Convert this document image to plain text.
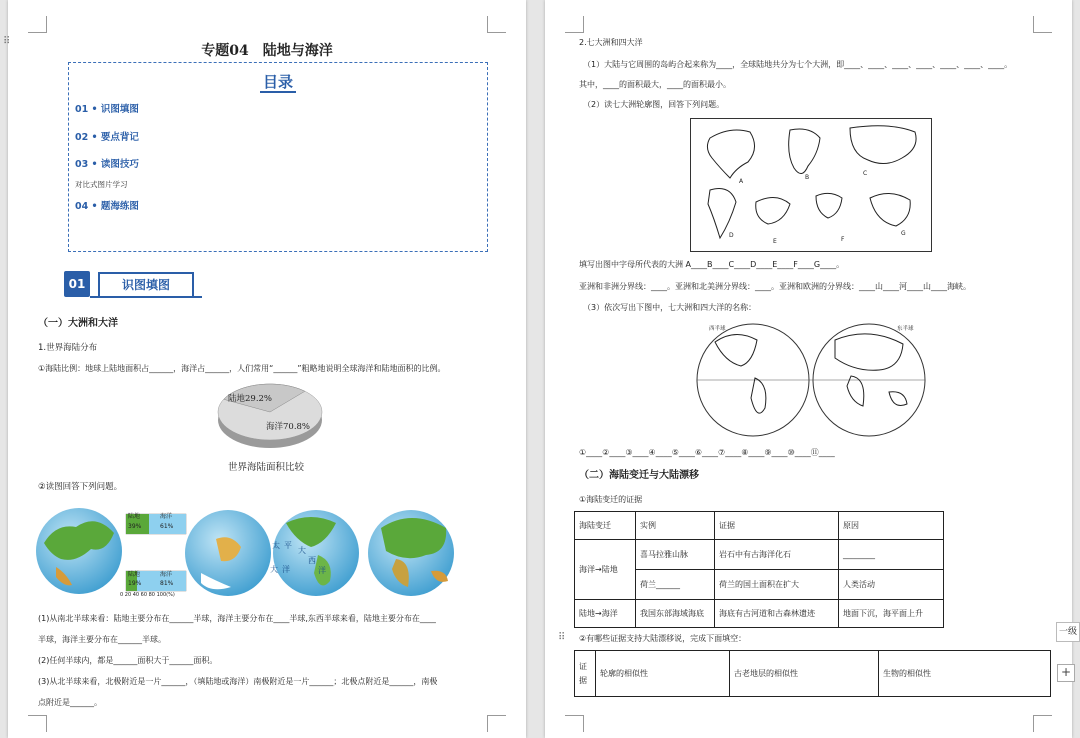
专题04　陆地与海洋
目录
01 • 识图填图
02 • 要点背记
03 • 读图技巧
对比式图片学习
04 • 题海练图
01	识图填图
（一）大洲和大洋
1.世界海陆分布
①海陆比例：地球上陆地面积占______，海洋占______，人们常用“______”粗略地说明全球海洋和陆地面积的比例。
陆地29.2%
海洋70.8%
世界海陆面积比较
②读图回答下列问题。
陆地	海洋
39%	61%
陆地	海洋
19%	81%
0 20 40 60 80 100(%)
大
西
洋
太 平
大 洋
(1)从南北半球来看：陆地主要分布在______半球，海洋主要分布在____半球,东西半球来看，陆地主要分布在____
半球，海洋主要分布在______半球。
(2)任何半球内，都是______面积大于______面积。
(3)从北半球来看，北极附近是一片______，（填陆地或海洋）南极附近是一片______；北极点附近是______，南极
点附近是______。
⠿	2.七大洲和四大洋
（1）大陆与它周围的岛屿合起来称为____，全球陆地共分为七个大洲，即____、____、____、____、____、____、____。
其中，____的面积最大，____的面积最小。
（2）读七大洲轮廓图，回答下列问题。
A
B
C
D
E	F
G
填写出图中字母所代表的大洲 A____B____C____D____E____F____G____。
亚洲和非洲分界线：____。亚洲和北美洲分界线：____。亚洲和欧洲的分界线：____山____河____山____海峡。
（3）依次写出下图中，七大洲和四大洋的名称：
西半球	东半球
①____②____③____④____⑤____⑥____⑦____⑧____⑨____⑩____⑪____
（二）海陆变迁与大陆漂移
①海陆变迁的证据
海陆变迁	实例	证据	原因
海洋→陆地	喜马拉雅山脉	岩石中有古海洋化石	________
	荷兰______	荷兰的国土面积在扩大	人类活动
陆地→海洋	我国东部海域海底	海底有古河道和古森林遗迹	地面下沉，海平面上升
②有哪些证据支持大陆漂移说，完成下面填空：
证据	轮廓的相似性	古老地层的相似性	生物的相似性
⠿	一级
+
